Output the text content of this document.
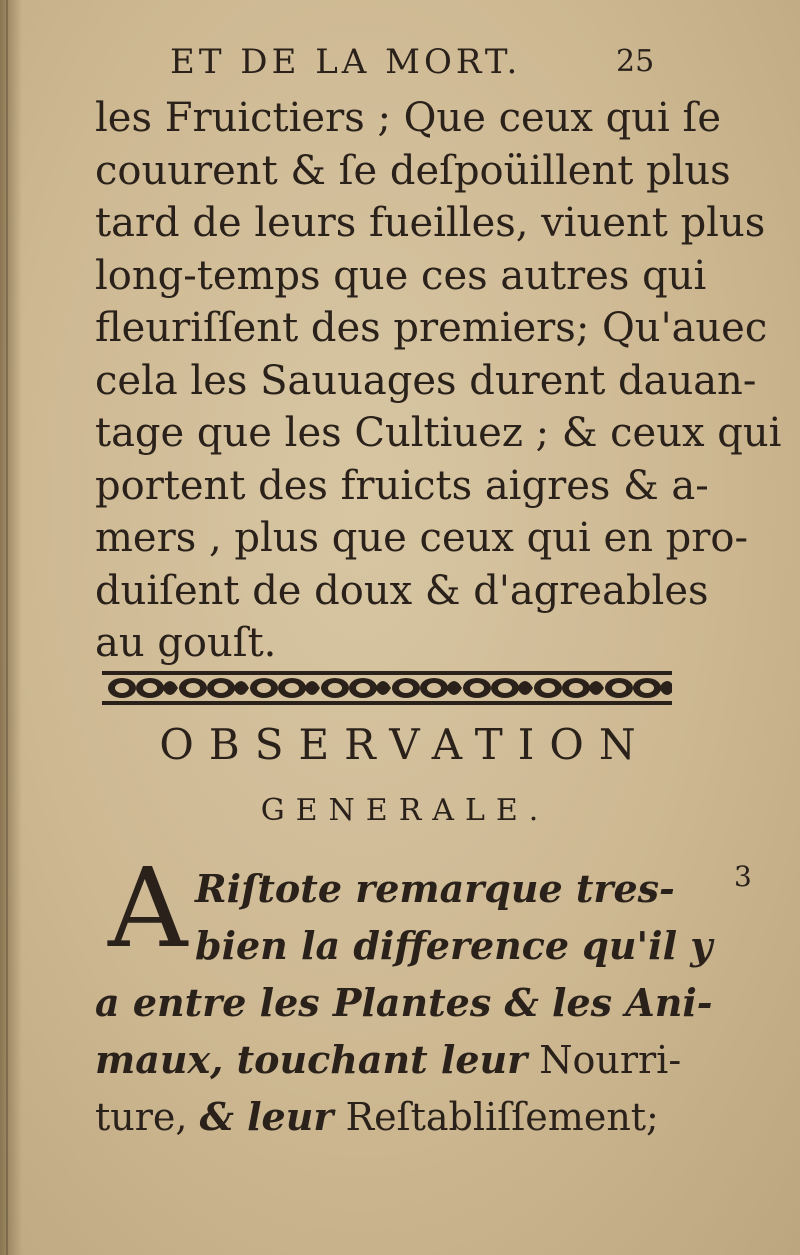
ET DE LA MORT.	25
les Fruictiers ; Que ceux qui ſe
couurent & ſe deſpoüillent plus
tard de leurs fueilles, viuent plus
long-temps que ces autres qui
fleuriſſent des premiers; Qu'auec
cela les Sauuages durent dauan-
tage que les Cultiuez ; & ceux qui
portent des fruicts aigres & a-
mers , plus que ceux qui en pro-
duiſent de doux & d'agreables
au gouſt.
OBSERVATION
GENERALE.
A Riſtote remarque tres-
bien la difference qu'il y
a entre les Plantes & les Ani-
maux, touchant leur Nourri-
ture, & leur Reſtabliſſement;
3
